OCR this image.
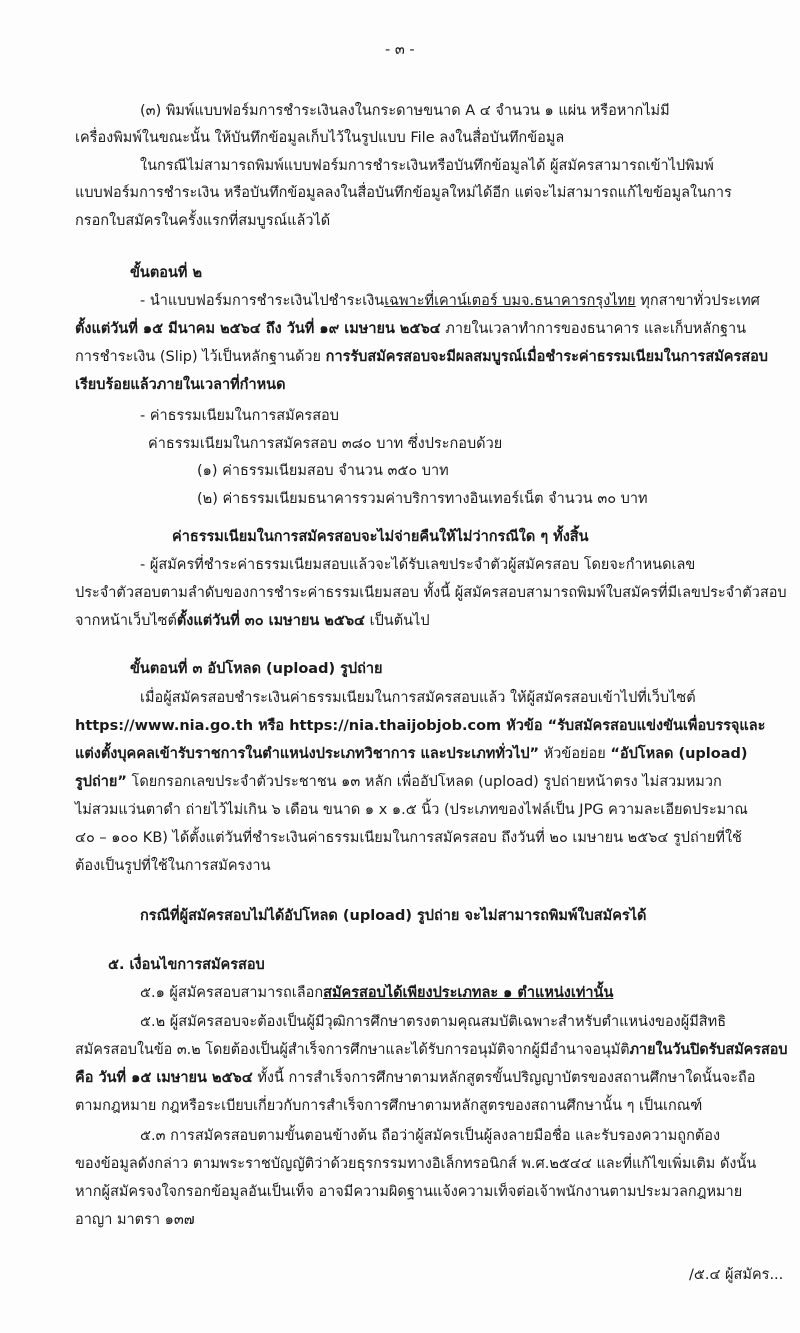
- ๓ -
(๓) พิมพ์แบบฟอร์มการชำระเงินลงในกระดาษขนาด A ๔ จำนวน ๑ แผ่น หรือหากไม่มี
เครื่องพิมพ์ในขณะนั้น ให้บันทึกข้อมูลเก็บไว้ในรูปแบบ File ลงในสื่อบันทึกข้อมูล
ในกรณีไม่สามารถพิมพ์แบบฟอร์มการชำระเงินหรือบันทึกข้อมูลได้ ผู้สมัครสามารถเข้าไปพิมพ์
แบบฟอร์มการชำระเงิน หรือบันทึกข้อมูลลงในสื่อบันทึกข้อมูลใหม่ได้อีก แต่จะไม่สามารถแก้ไขข้อมูลในการ
กรอกใบสมัครในครั้งแรกที่สมบูรณ์แล้วได้
ขั้นตอนที่ ๒
- นำแบบฟอร์มการชำระเงินไปชำระเงินเฉพาะที่เคาน์เตอร์ บมจ.ธนาคารกรุงไทย ทุกสาขาทั่วประเทศ
ตั้งแต่วันที่ ๑๕ มีนาคม ๒๕๖๔ ถึง วันที่ ๑๙ เมษายน ๒๕๖๔ ภายในเวลาทำการของธนาคาร และเก็บหลักฐาน
การชำระเงิน (Slip) ไว้เป็นหลักฐานด้วย การรับสมัครสอบจะมีผลสมบูรณ์เมื่อชำระค่าธรรมเนียมในการสมัครสอบ
เรียบร้อยแล้วภายในเวลาที่กำหนด
- ค่าธรรมเนียมในการสมัครสอบ
ค่าธรรมเนียมในการสมัครสอบ ๓๘๐ บาท ซึ่งประกอบด้วย
(๑) ค่าธรรมเนียมสอบ จำนวน ๓๕๐ บาท
(๒) ค่าธรรมเนียมธนาคารรวมค่าบริการทางอินเทอร์เน็ต จำนวน ๓๐ บาท
ค่าธรรมเนียมในการสมัครสอบจะไม่จ่ายคืนให้ไม่ว่ากรณีใด ๆ ทั้งสิ้น
- ผู้สมัครที่ชำระค่าธรรมเนียมสอบแล้วจะได้รับเลขประจำตัวผู้สมัครสอบ โดยจะกำหนดเลข
ประจำตัวสอบตามลำดับของการชำระค่าธรรมเนียมสอบ ทั้งนี้ ผู้สมัครสอบสามารถพิมพ์ใบสมัครที่มีเลขประจำตัวสอบ
จากหน้าเว็บไซต์ตั้งแต่วันที่ ๓๐ เมษายน ๒๕๖๔ เป็นต้นไป
ขั้นตอนที่ ๓ อัปโหลด (upload) รูปถ่าย
เมื่อผู้สมัครสอบชำระเงินค่าธรรมเนียมในการสมัครสอบแล้ว ให้ผู้สมัครสอบเข้าไปที่เว็บไซต์
https://www.nia.go.th หรือ https://nia.thaijobjob.com หัวข้อ “รับสมัครสอบแข่งขันเพื่อบรรจุและ
แต่งตั้งบุคคลเข้ารับราชการในตำแหน่งประเภทวิชาการ และประเภททั่วไป” หัวข้อย่อย “อัปโหลด (upload)
รูปถ่าย” โดยกรอกเลขประจำตัวประชาชน ๑๓ หลัก เพื่ออัปโหลด (upload) รูปถ่ายหน้าตรง ไม่สวมหมวก
ไม่สวมแว่นตาดำ ถ่ายไว้ไม่เกิน ๖ เดือน ขนาด ๑ x ๑.๕ นิ้ว (ประเภทของไฟล์เป็น JPG ความละเอียดประมาณ
๔๐ – ๑๐๐ KB) ได้ตั้งแต่วันที่ชำระเงินค่าธรรมเนียมในการสมัครสอบ ถึงวันที่ ๒๐ เมษายน ๒๕๖๔ รูปถ่ายที่ใช้
ต้องเป็นรูปที่ใช้ในการสมัครงาน
กรณีที่ผู้สมัครสอบไม่ได้อัปโหลด (upload) รูปถ่าย จะไม่สามารถพิมพ์ใบสมัครได้
๕. เงื่อนไขการสมัครสอบ
๕.๑ ผู้สมัครสอบสามารถเลือกสมัครสอบได้เพียงประเภทละ ๑ ตำแหน่งเท่านั้น
๕.๒ ผู้สมัครสอบจะต้องเป็นผู้มีวุฒิการศึกษาตรงตามคุณสมบัติเฉพาะสำหรับตำแหน่งของผู้มีสิทธิ
สมัครสอบในข้อ ๓.๒ โดยต้องเป็นผู้สำเร็จการศึกษาและได้รับการอนุมัติจากผู้มีอำนาจอนุมัติภายในวันปิดรับสมัครสอบ
คือ วันที่ ๑๕ เมษายน ๒๕๖๔ ทั้งนี้ การสำเร็จการศึกษาตามหลักสูตรขั้นปริญญาบัตรของสถานศึกษาใดนั้นจะถือ
ตามกฎหมาย กฎหรือระเบียบเกี่ยวกับการสำเร็จการศึกษาตามหลักสูตรของสถานศึกษานั้น ๆ เป็นเกณฑ์
๕.๓ การสมัครสอบตามขั้นตอนข้างต้น ถือว่าผู้สมัครเป็นผู้ลงลายมือชื่อ และรับรองความถูกต้อง
ของข้อมูลดังกล่าว ตามพระราชบัญญัติว่าด้วยธุรกรรมทางอิเล็กทรอนิกส์ พ.ศ.๒๕๔๔ และที่แก้ไขเพิ่มเติม ดังนั้น
หากผู้สมัครจงใจกรอกข้อมูลอันเป็นเท็จ อาจมีความผิดฐานแจ้งความเท็จต่อเจ้าพนักงานตามประมวลกฎหมาย
อาญา มาตรา ๑๓๗
/๕.๔ ผู้สมัคร...
